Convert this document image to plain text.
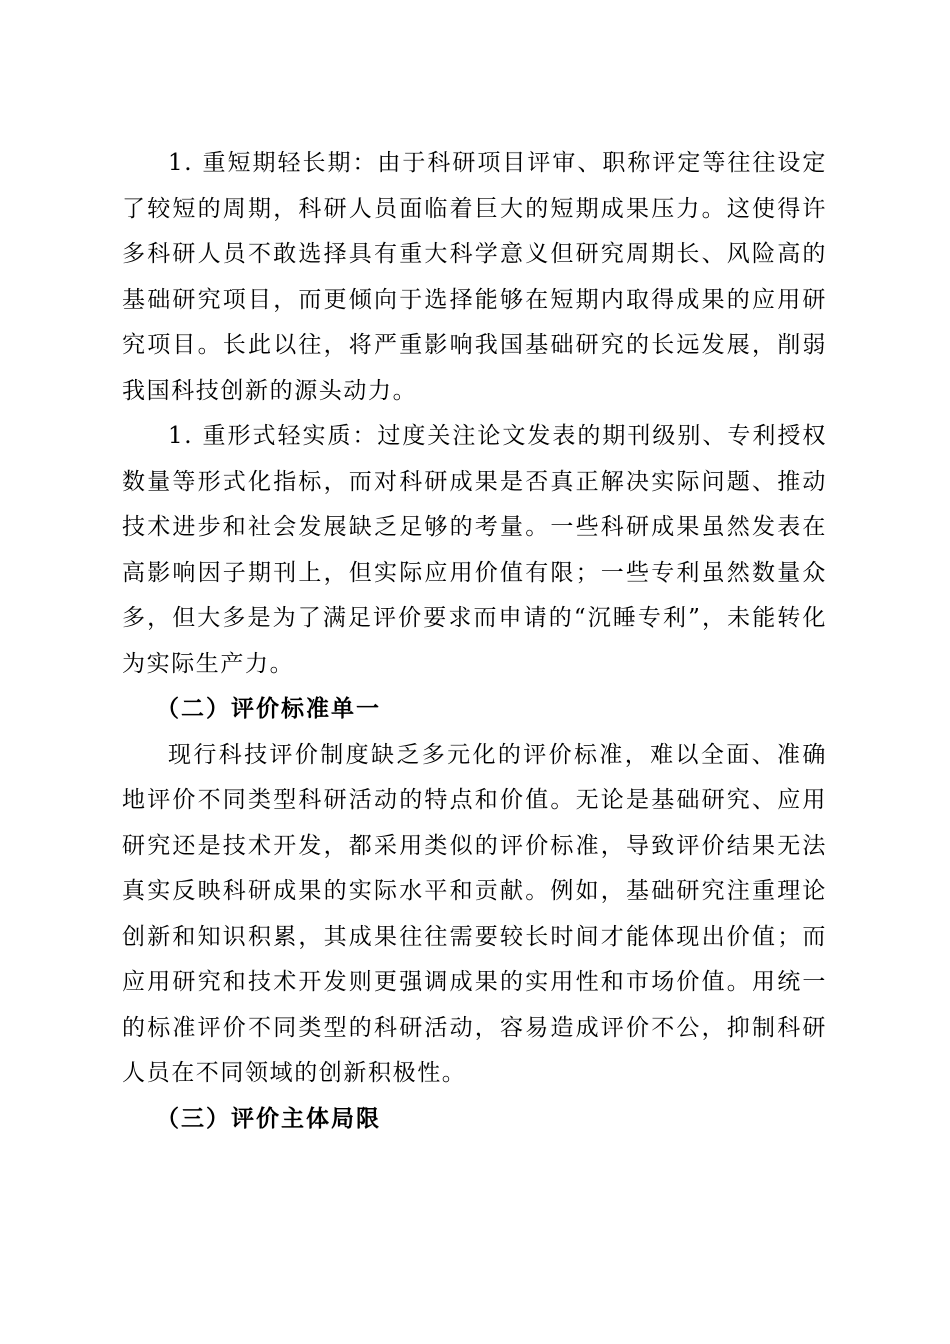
1. 重短期轻长期：由于科研项目评审、职称评定等往往设定了较短的周期，科研人员面临着巨大的短期成果压力。这使得许多科研人员不敢选择具有重大科学意义但研究周期长、风险高的基础研究项目，而更倾向于选择能够在短期内取得成果的应用研究项目。长此以往，将严重影响我国基础研究的长远发展，削弱我国科技创新的源头动力。

1. 重形式轻实质：过度关注论文发表的期刊级别、专利授权数量等形式化指标，而对科研成果是否真正解决实际问题、推动技术进步和社会发展缺乏足够的考量。一些科研成果虽然发表在高影响因子期刊上，但实际应用价值有限；一些专利虽然数量众多，但大多是为了满足评价要求而申请的“沉睡专利”，未能转化为实际生产力。

（二）评价标准单一

现行科技评价制度缺乏多元化的评价标准，难以全面、准确地评价不同类型科研活动的特点和价值。无论是基础研究、应用研究还是技术开发，都采用类似的评价标准，导致评价结果无法真实反映科研成果的实际水平和贡献。例如，基础研究注重理论创新和知识积累，其成果往往需要较长时间才能体现出价值；而应用研究和技术开发则更强调成果的实用性和市场价值。用统一的标准评价不同类型的科研活动，容易造成评价不公，抑制科研人员在不同领域的创新积极性。

（三）评价主体局限
